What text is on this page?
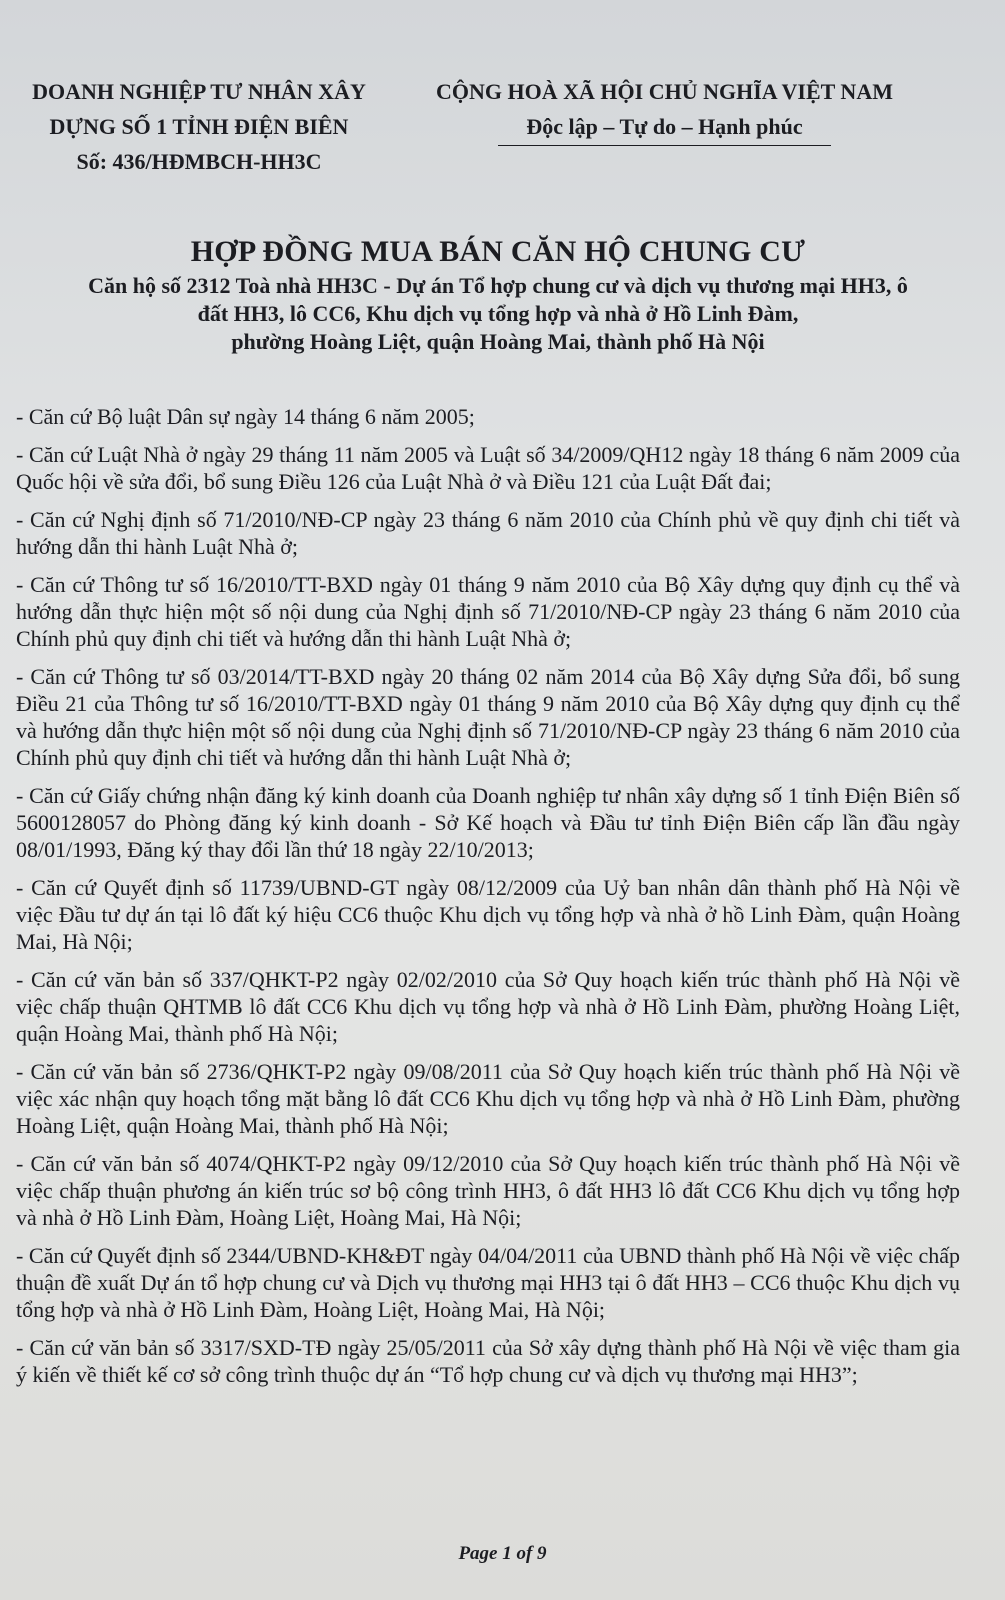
DOANH NGHIỆP TƯ NHÂN XÂY
DỰNG SỐ 1 TỈNH ĐIỆN BIÊN
Số: 436/HĐMBCH-HH3C
CỘNG HOÀ XÃ HỘI CHỦ NGHĨA VIỆT NAM
Độc lập – Tự do – Hạnh phúc
HỢP ĐỒNG MUA BÁN CĂN HỘ CHUNG CƯ
Căn hộ số 2312 Toà nhà HH3C - Dự án Tổ hợp chung cư và dịch vụ thương mại HH3, ô
đất HH3, lô CC6, Khu dịch vụ tổng hợp và nhà ở Hồ Linh Đàm,
phường Hoàng Liệt, quận Hoàng Mai, thành phố Hà Nội

- Căn cứ Bộ luật Dân sự ngày 14 tháng 6 năm 2005;

- Căn cứ Luật Nhà ở ngày 29 tháng 11 năm 2005 và Luật số 34/2009/QH12 ngày 18 tháng 6 năm 2009 của Quốc hội về sửa đổi, bổ sung Điều 126 của Luật Nhà ở và Điều 121 của Luật Đất đai;

- Căn cứ Nghị định số 71/2010/NĐ-CP ngày 23 tháng 6 năm 2010 của Chính phủ về quy định chi tiết và hướng dẫn thi hành Luật Nhà ở;

- Căn cứ Thông tư số 16/2010/TT-BXD ngày 01 tháng 9 năm 2010 của Bộ Xây dựng quy định cụ thể và hướng dẫn thực hiện một số nội dung của Nghị định số 71/2010/NĐ-CP ngày 23 tháng 6 năm 2010 của Chính phủ quy định chi tiết và hướng dẫn thi hành Luật Nhà ở;

- Căn cứ Thông tư số 03/2014/TT-BXD ngày 20 tháng 02 năm 2014 của Bộ Xây dựng Sửa đổi, bổ sung Điều 21 của Thông tư số 16/2010/TT-BXD ngày 01 tháng 9 năm 2010 của Bộ Xây dựng quy định cụ thể và hướng dẫn thực hiện một số nội dung của Nghị định số 71/2010/NĐ-CP ngày 23 tháng 6 năm 2010 của Chính phủ quy định chi tiết và hướng dẫn thi hành Luật Nhà ở;

- Căn cứ Giấy chứng nhận đăng ký kinh doanh của Doanh nghiệp tư nhân xây dựng số 1 tỉnh Điện Biên số 5600128057 do Phòng đăng ký kinh doanh - Sở Kế hoạch và Đầu tư tỉnh Điện Biên cấp lần đầu ngày 08/01/1993, Đăng ký thay đổi lần thứ 18 ngày 22/10/2013;

- Căn cứ Quyết định số 11739/UBND-GT ngày 08/12/2009 của Uỷ ban nhân dân thành phố Hà Nội về việc Đầu tư dự án tại lô đất ký hiệu CC6 thuộc Khu dịch vụ tổng hợp và nhà ở hồ Linh Đàm, quận Hoàng Mai, Hà Nội;

- Căn cứ văn bản số 337/QHKT-P2 ngày 02/02/2010 của Sở Quy hoạch kiến trúc thành phố Hà Nội về việc chấp thuận QHTMB lô đất CC6 Khu dịch vụ tổng hợp và nhà ở Hồ Linh Đàm, phường Hoàng Liệt, quận Hoàng Mai, thành phố Hà Nội;

- Căn cứ văn bản số 2736/QHKT-P2 ngày 09/08/2011 của Sở Quy hoạch kiến trúc thành phố Hà Nội về việc xác nhận quy hoạch tổng mặt bằng lô đất CC6 Khu dịch vụ tổng hợp và nhà ở Hồ Linh Đàm, phường Hoàng Liệt, quận Hoàng Mai, thành phố Hà Nội;

- Căn cứ văn bản số 4074/QHKT-P2 ngày 09/12/2010 của Sở Quy hoạch kiến trúc thành phố Hà Nội về việc chấp thuận phương án kiến trúc sơ bộ công trình HH3, ô đất HH3 lô đất CC6 Khu dịch vụ tổng hợp và nhà ở Hồ Linh Đàm, Hoàng Liệt, Hoàng Mai, Hà Nội;

- Căn cứ Quyết định số 2344/UBND-KH&ĐT ngày 04/04/2011 của UBND thành phố Hà Nội về việc chấp thuận đề xuất Dự án tổ hợp chung cư và Dịch vụ thương mại HH3 tại ô đất HH3 – CC6 thuộc Khu dịch vụ tổng hợp và nhà ở Hồ Linh Đàm, Hoàng Liệt, Hoàng Mai, Hà Nội;

- Căn cứ văn bản số 3317/SXD-TĐ ngày 25/05/2011 của Sở xây dựng thành phố Hà Nội về việc tham gia ý kiến về thiết kế cơ sở công trình thuộc dự án “Tổ hợp chung cư và dịch vụ thương mại HH3”;

Page 1 of 9
